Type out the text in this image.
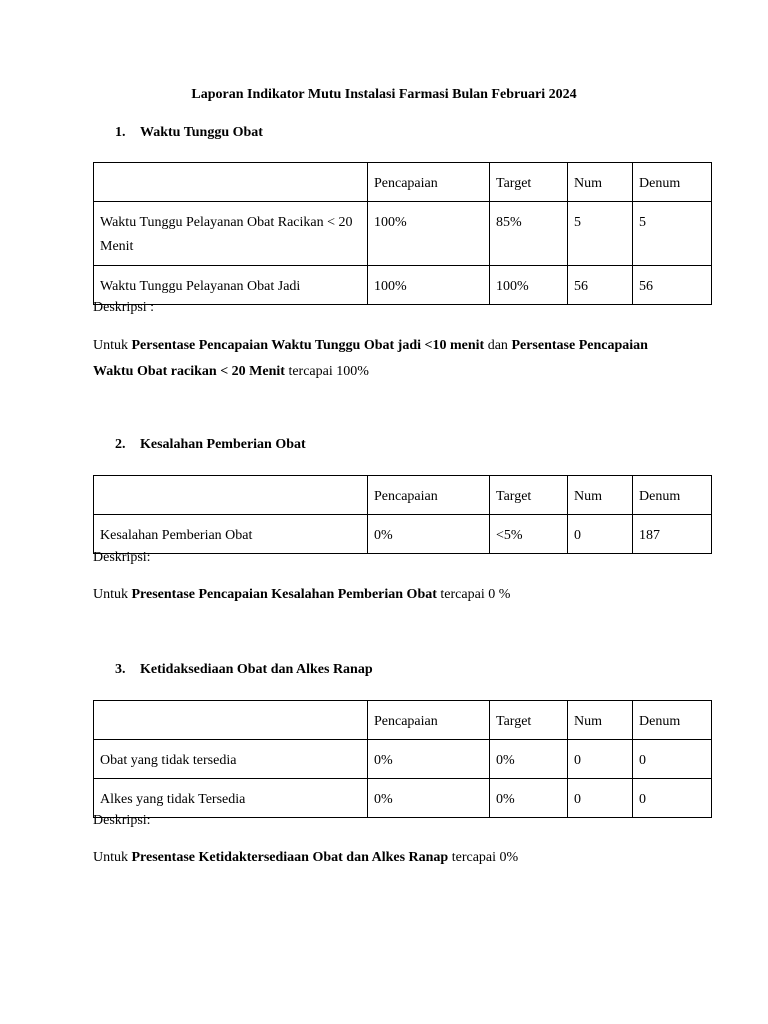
Laporan Indikator Mutu Instalasi Farmasi Bulan Februari 2024
1. Waktu Tunggu Obat
	Pencapaian	Target	Num	Denum
Waktu Tunggu Pelayanan Obat Racikan < 20 Menit	100%	85%	5	5
Waktu Tunggu Pelayanan Obat Jadi	100%	100%	56	56
Deskripsi :
Untuk Persentase Pencapaian Waktu Tunggu Obat jadi <10 menit dan Persentase Pencapaian Waktu Obat racikan < 20 Menit tercapai 100%
2. Kesalahan Pemberian Obat
	Pencapaian	Target	Num	Denum
Kesalahan Pemberian Obat	0%	<5%	0	187
Deskripsi:
Untuk Presentase Pencapaian Kesalahan Pemberian Obat tercapai 0 %
3. Ketidaksediaan Obat dan Alkes Ranap
	Pencapaian	Target	Num	Denum
Obat yang tidak tersedia	0%	0%	0	0
Alkes yang tidak Tersedia	0%	0%	0	0
Deskripsi:
Untuk Presentase Ketidaktersediaan Obat dan Alkes Ranap tercapai 0%
